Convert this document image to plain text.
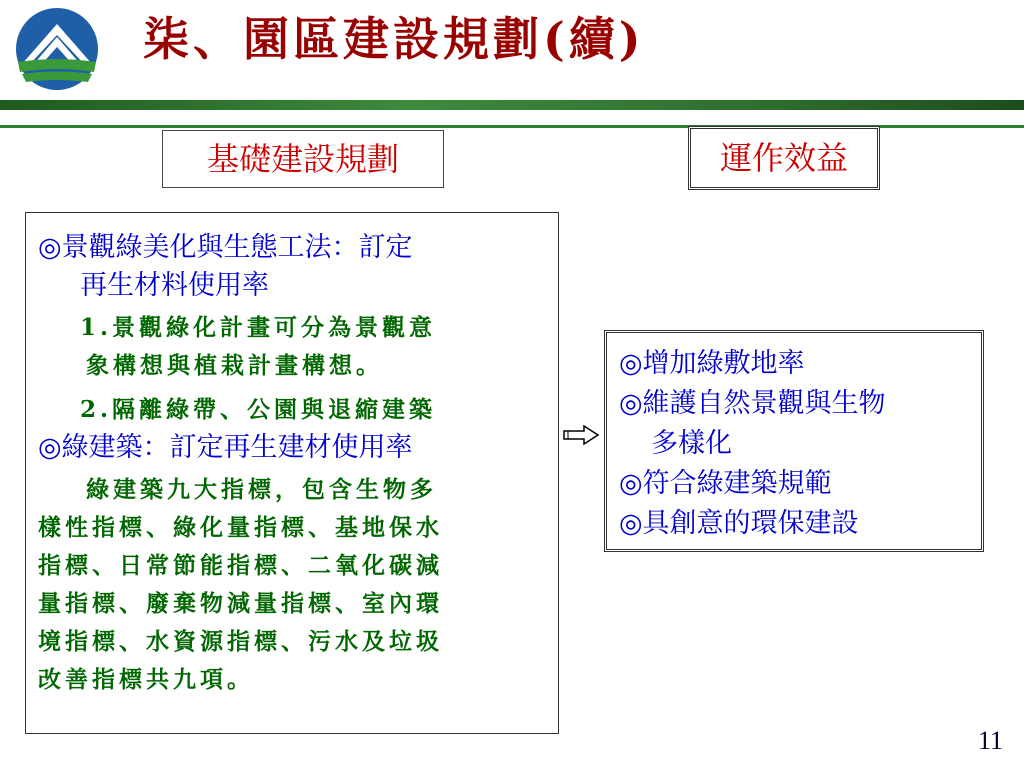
柒、園區建設規劃(續)
基礎建設規劃	運作效益
◎景觀綠美化與生態工法：訂定
再生材料使用率
1.景觀綠化計畫可分為景觀意
象構想與植栽計畫構想。
2.隔離綠帶、公園與退縮建築
◎綠建築：訂定再生建材使用率
綠建築九大指標，包含生物多
樣性指標、綠化量指標、基地保水
指標、日常節能指標、二氧化碳減
量指標、廢棄物減量指標、室內環
境指標、水資源指標、污水及垃圾
改善指標共九項。
◎增加綠敷地率
◎維護自然景觀與生物
多樣化
◎符合綠建築規範
◎具創意的環保建設
11
